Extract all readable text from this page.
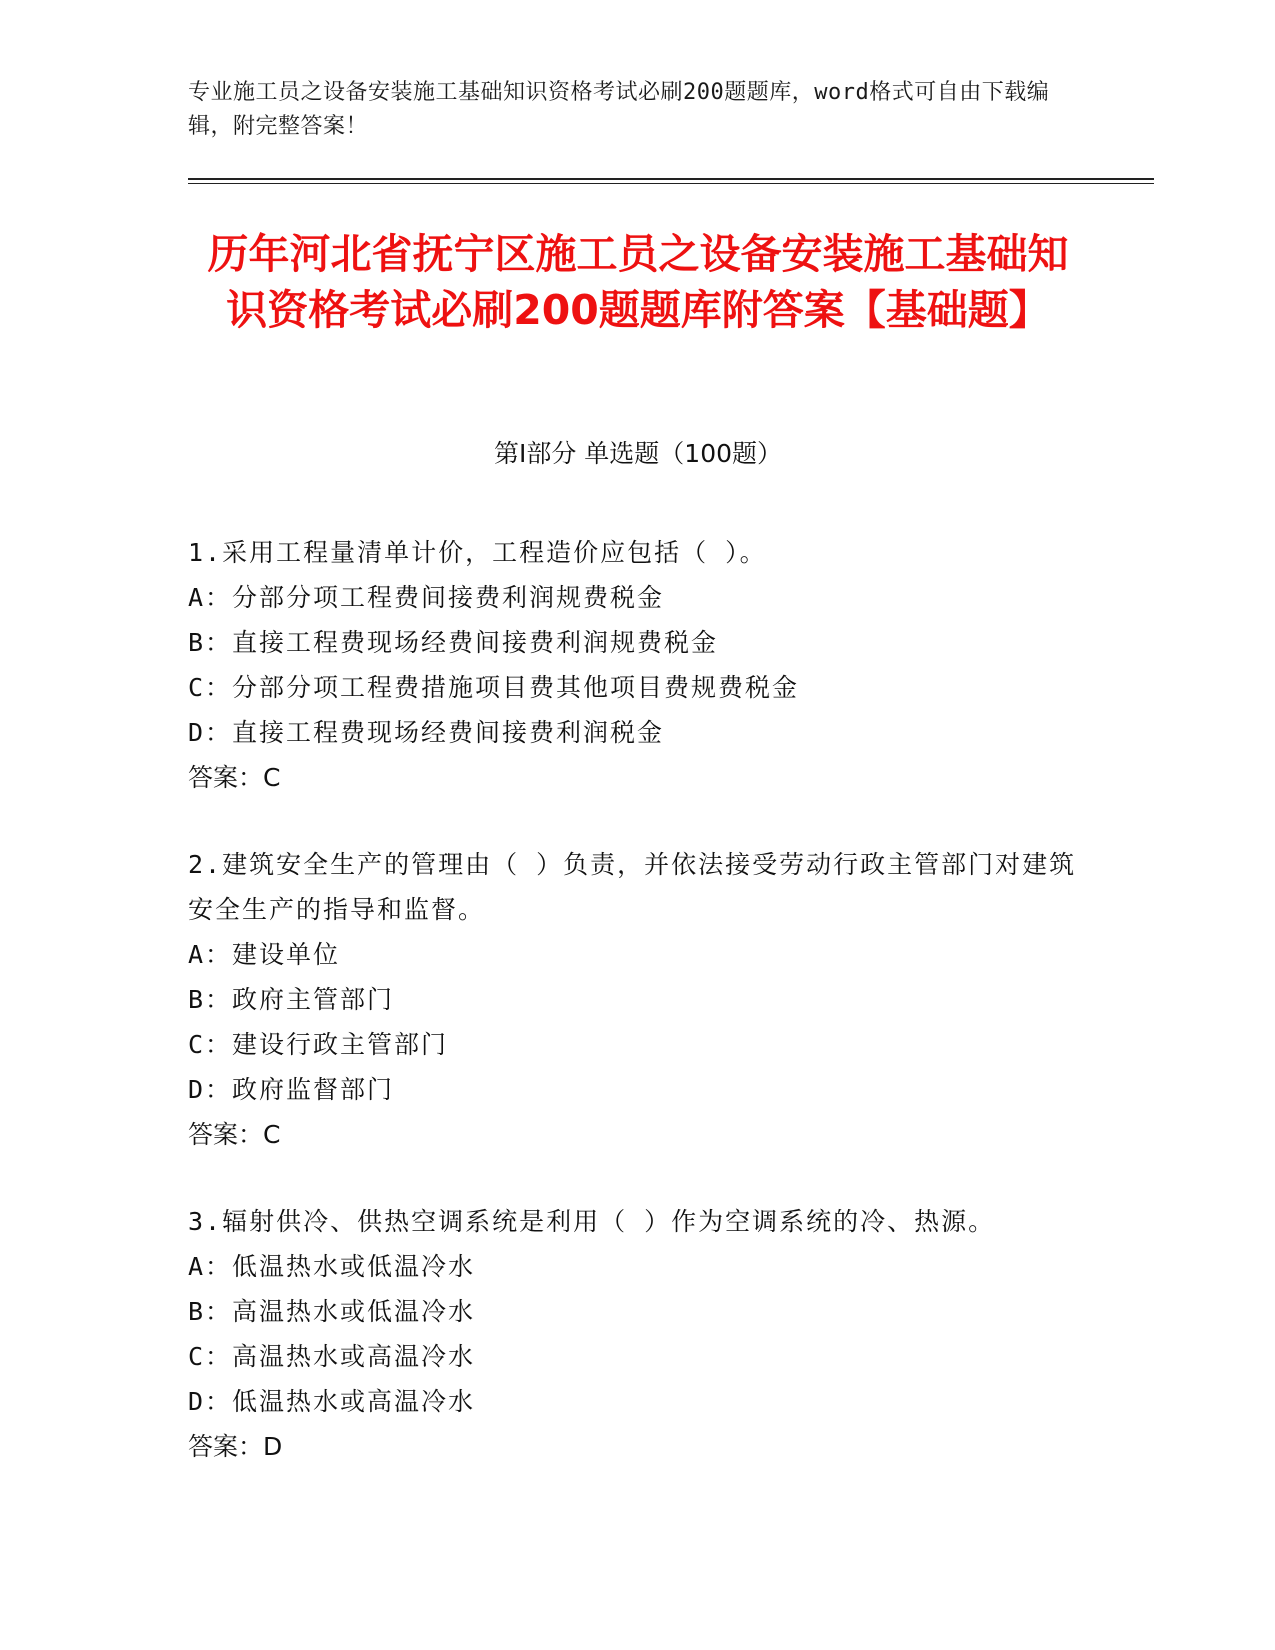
专业施工员之设备安装施工基础知识资格考试必刷200题题库，word格式可自由下载编辑，附完整答案！
历年河北省抚宁区施工员之设备安装施工基础知识资格考试必刷200题题库附答案【基础题】
第I部分 单选题（100题）
1.采用工程量清单计价，工程造价应包括（ ）。
A：分部分项工程费间接费利润规费税金
B：直接工程费现场经费间接费利润规费税金
C：分部分项工程费措施项目费其他项目费规费税金
D：直接工程费现场经费间接费利润税金
答案：C
2.建筑安全生产的管理由（ ）负责，并依法接受劳动行政主管部门对建筑安全生产的指导和监督。
A：建设单位
B：政府主管部门
C：建设行政主管部门
D：政府监督部门
答案：C
3.辐射供冷、供热空调系统是利用（ ）作为空调系统的冷、热源。
A：低温热水或低温冷水
B：高温热水或低温冷水
C：高温热水或高温冷水
D：低温热水或高温冷水
答案：D
